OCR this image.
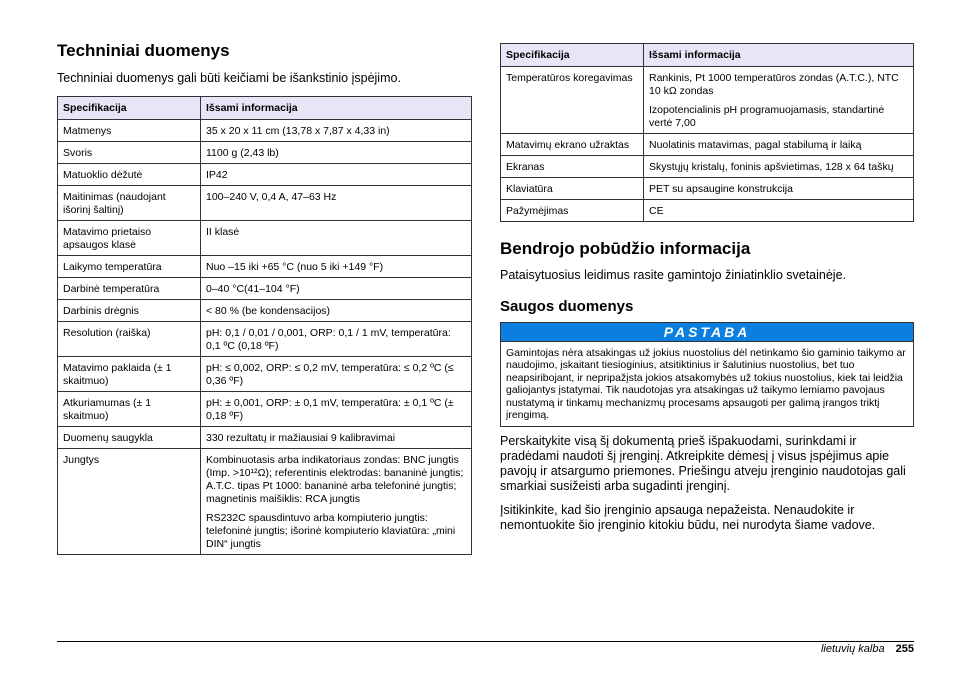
Techniniai duomenys

Techniniai duomenys gali būti keičiami be išankstinio įspėjimo.

Specifikacija	Išsami informacija
Matmenys	35 x 20 x 11 cm (13,78 x 7,87 x 4,33 in)
Svoris	1100 g (2,43 lb)
Matuoklio dėžutė	IP42
Maitinimas (naudojant išorinį šaltinį)	100–240 V, 0,4 A, 47–63 Hz
Matavimo prietaiso apsaugos klasė	II klasė
Laikymo temperatūra	Nuo –15 iki +65 °C (nuo 5 iki +149 °F)
Darbinė temperatūra	0–40 °C(41–104 °F)
Darbinis drėgnis	< 80 % (be kondensacijos)
Resolution (raiška)	pH: 0,1 / 0,01 / 0,001, ORP: 0,1 / 1 mV, temperatūra: 0,1 ºC (0,18 ºF)
Matavimo paklaida (± 1 skaitmuo)	pH: ≤ 0,002, ORP: ≤ 0,2 mV, temperatūra: ≤ 0,2 ºC (≤ 0,36 ºF)
Atkuriamumas (± 1 skaitmuo)	pH: ± 0,001, ORP: ± 0,1 mV, temperatūra: ± 0,1 ºC (± 0,18 ºF)
Duomenų saugykla	330 rezultatų ir mažiausiai 9 kalibravimai
Jungtys	Kombinuotasis arba indikatoriaus zondas: BNC jungtis (Imp. >10¹²Ω); referentinis elektrodas: bananinė jungtis; A.T.C. tipas Pt 1000: bananinė arba telefoninė jungtis; magnetinis maišiklis: RCA jungtis
RS232C spausdintuvo arba kompiuterio jungtis: telefoninė jungtis; išorinė kompiuterio klaviatūra: „mini DIN“ jungtis
Specifikacija	Išsami informacija
Temperatūros koregavimas	Rankinis, Pt 1000 temperatūros zondas (A.T.C.), NTC 10 kΩ zondas
Izopotencialinis pH programuojamasis, standartinė vertė 7,00

Matavimų ekrano užraktas	Nuolatinis matavimas, pagal stabilumą ir laiką
Ekranas	Skystųjų kristalų, foninis apšvietimas, 128 x 64 taškų
Klaviatūra	PET su apsaugine konstrukcija
Pažymėjimas	CE
Bendrojo pobūdžio informacija

Pataisytuosius leidimus rasite gamintojo žiniatinklio svetainėje.

Saugos duomenys
PASTABA
Gamintojas nėra atsakingas už jokius nuostolius dėl netinkamo šio gaminio taikymo ar naudojimo, įskaitant tiesioginius, atsitiktinius ir šalutinius nuostolius, bet tuo neapsiribojant, ir nepripažįsta jokios atsakomybės už tokius nuostolius, kiek tai leidžia galiojantys įstatymai. Tik naudotojas yra atsakingas už taikymo lemiamo pavojaus nustatymą ir tinkamų mechanizmų procesams apsaugoti per galimą įrangos triktį įrengimą.

Perskaitykite visą šį dokumentą prieš išpakuodami, surinkdami ir pradėdami naudoti šį įrenginį. Atkreipkite dėmesį į visus įspėjimus apie pavojų ir atsargumo priemones. Priešingu atveju įrenginio naudotojas gali smarkiai susižeisti arba sugadinti įrenginį.

Įsitikinkite, kad šio įrenginio apsauga nepažeista. Nenaudokite ir nemontuokite šio įrenginio kitokiu būdu, nei nurodyta šiame vadove.

lietuvių kalba 255
